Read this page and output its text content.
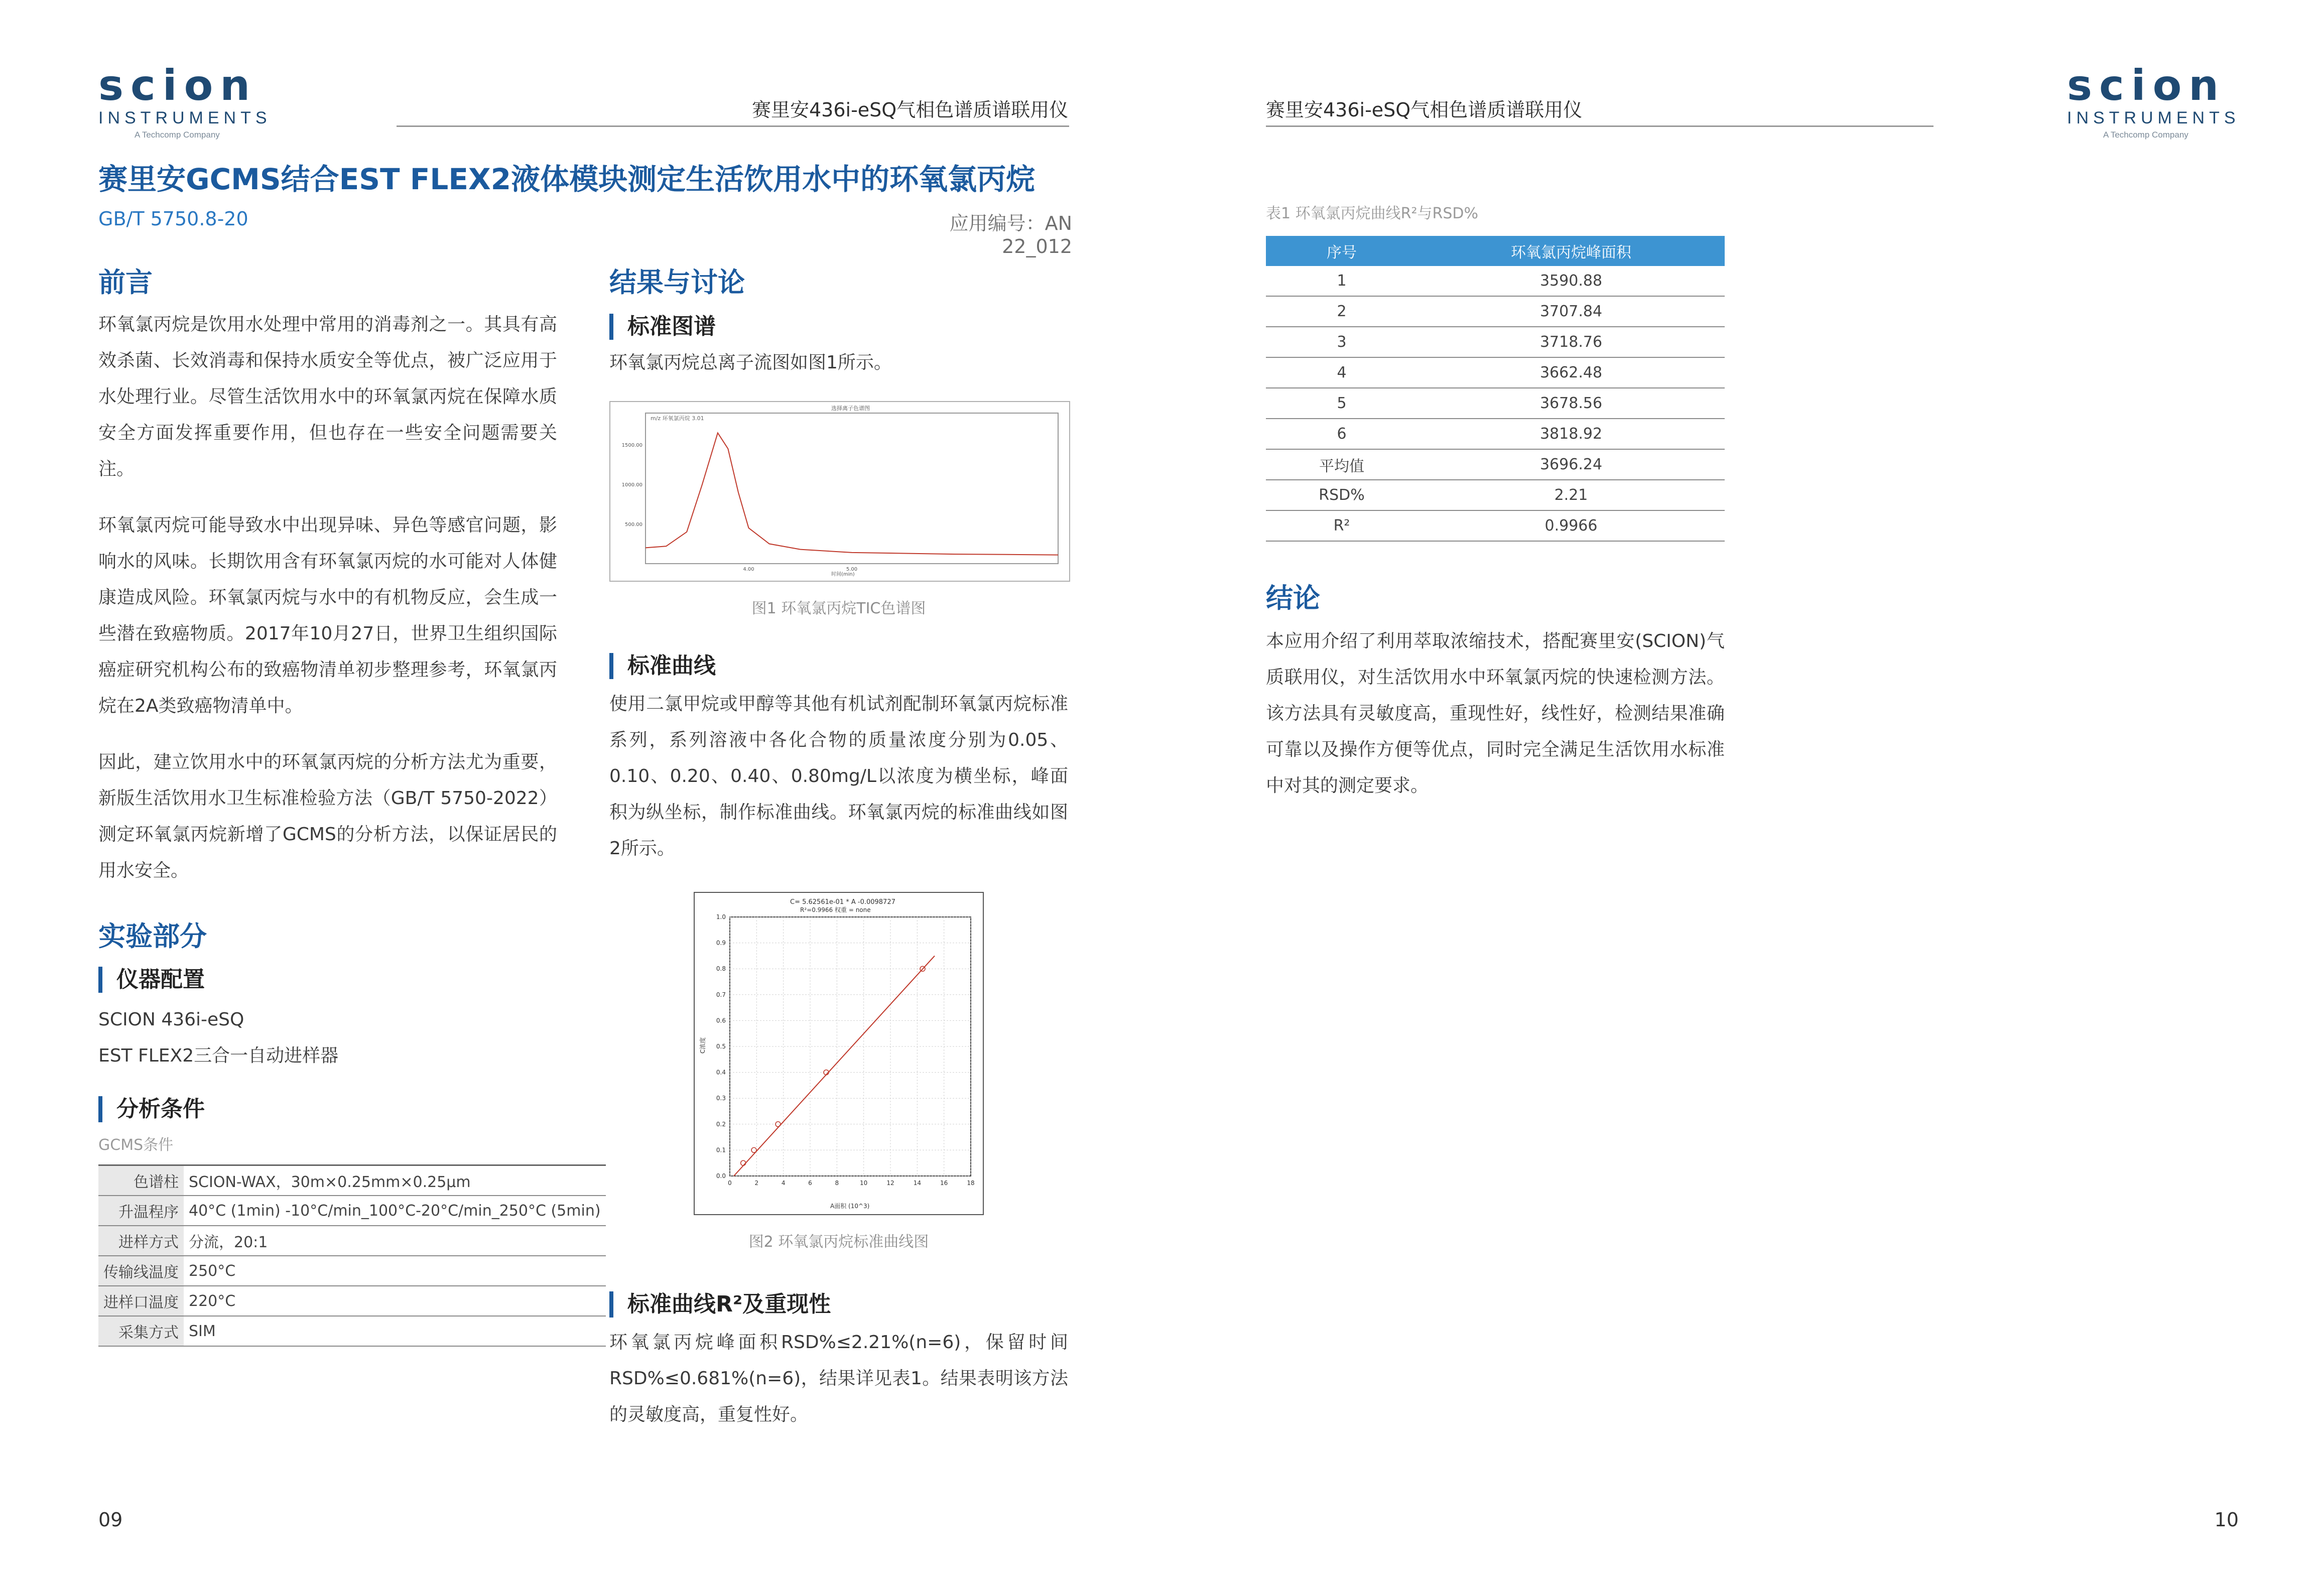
scion
INSTRUMENTS
A Techcomp Company
赛里安436i-eSQ气相色谱质谱联用仪	赛里安436i-eSQ气相色谱质谱联用仪	scion
INSTRUMENTS
A Techcomp Company
赛里安GCMS结合EST FLEX2液体模块测定生活饮用水中的环氧氯丙烷
GB/T 5750.8-20	应用编号：AN 22_012
前言

环氧氯丙烷是饮用水处理中常用的消毒剂之一。其具有高效杀菌、长效消毒和保持水质安全等优点，被广泛应用于水处理行业。尽管生活饮用水中的环氧氯丙烷在保障水质安全方面发挥重要作用，但也存在一些安全问题需要关注。

环氧氯丙烷可能导致水中出现异味、异色等感官问题，影响水的风味。长期饮用含有环氧氯丙烷的水可能对人体健康造成风险。环氧氯丙烷与水中的有机物反应，会生成一些潜在致癌物质。2017年10月27日，世界卫生组织国际癌症研究机构公布的致癌物清单初步整理参考，环氧氯丙烷在2A类致癌物清单中。

因此，建立饮用水中的环氧氯丙烷的分析方法尤为重要，新版生活饮用水卫生标准检验方法（GB/T 5750-2022）测定环氧氯丙烷新增了GCMS的分析方法，以保证居民的用水安全。

实验部分
仪器配置
SCION 436i-eSQ
EST FLEX2三合一自动进样器
分析条件
GCMS条件
色谱柱	SCION-WAX，30m×0.25mm×0.25μm
升温程序	40°C (1min) -10°C/min_100°C-20°C/min_250°C (5min)
进样方式	分流，20:1
传输线温度	250°C
进样口温度	220°C
采集方式	SIM
结果与讨论
标准图谱
环氧氯丙烷总离子流图如图1所示。
选择离子色谱图
m/z 环氧氯丙烷 3.01
1500.00
1000.00
500.00
4.00	5.00
时间(min)
图1 环氧氯丙烷TIC色谱图
标准曲线

使用二氯甲烷或甲醇等其他有机试剂配制环氧氯丙烷标准系列，系列溶液中各化合物的质量浓度分别为0.05、0.10、0.20、0.40、0.80mg/L以浓度为横坐标，峰面积为纵坐标，制作标准曲线。环氧氯丙烷的标准曲线如图2所示。

C= 5.62561e-01 * A -0.0098727
R²=0.9966 权重 = none
0	2	4	6	8	10	12	14	16	18
0.0
0.1
0.2
0.3
0.4
0.5
0.6
0.7
0.8
0.9
1.0
A面积 (10^3)
C浓度
图2 环氧氯丙烷标准曲线图
标准曲线R²及重现性

环氧氯丙烷峰面积RSD%≤2.21%(n=6)，保留时间RSD%≤0.681%(n=6)，结果详见表1。结果表明该方法的灵敏度高，重复性好。

表1 环氧氯丙烷曲线R²与RSD%
序号	环氧氯丙烷峰面积
1	3590.88
2	3707.84
3	3718.76
4	3662.48
5	3678.56
6	3818.92
平均值	3696.24
RSD%	2.21
R²	0.9966
结论

本应用介绍了利用萃取浓缩技术，搭配赛里安(SCION)气质联用仪，对生活饮用水中环氧氯丙烷的快速检测方法。该方法具有灵敏度高，重现性好，线性好，检测结果准确可靠以及操作方便等优点，同时完全满足生活饮用水标准中对其的测定要求。

09	10
